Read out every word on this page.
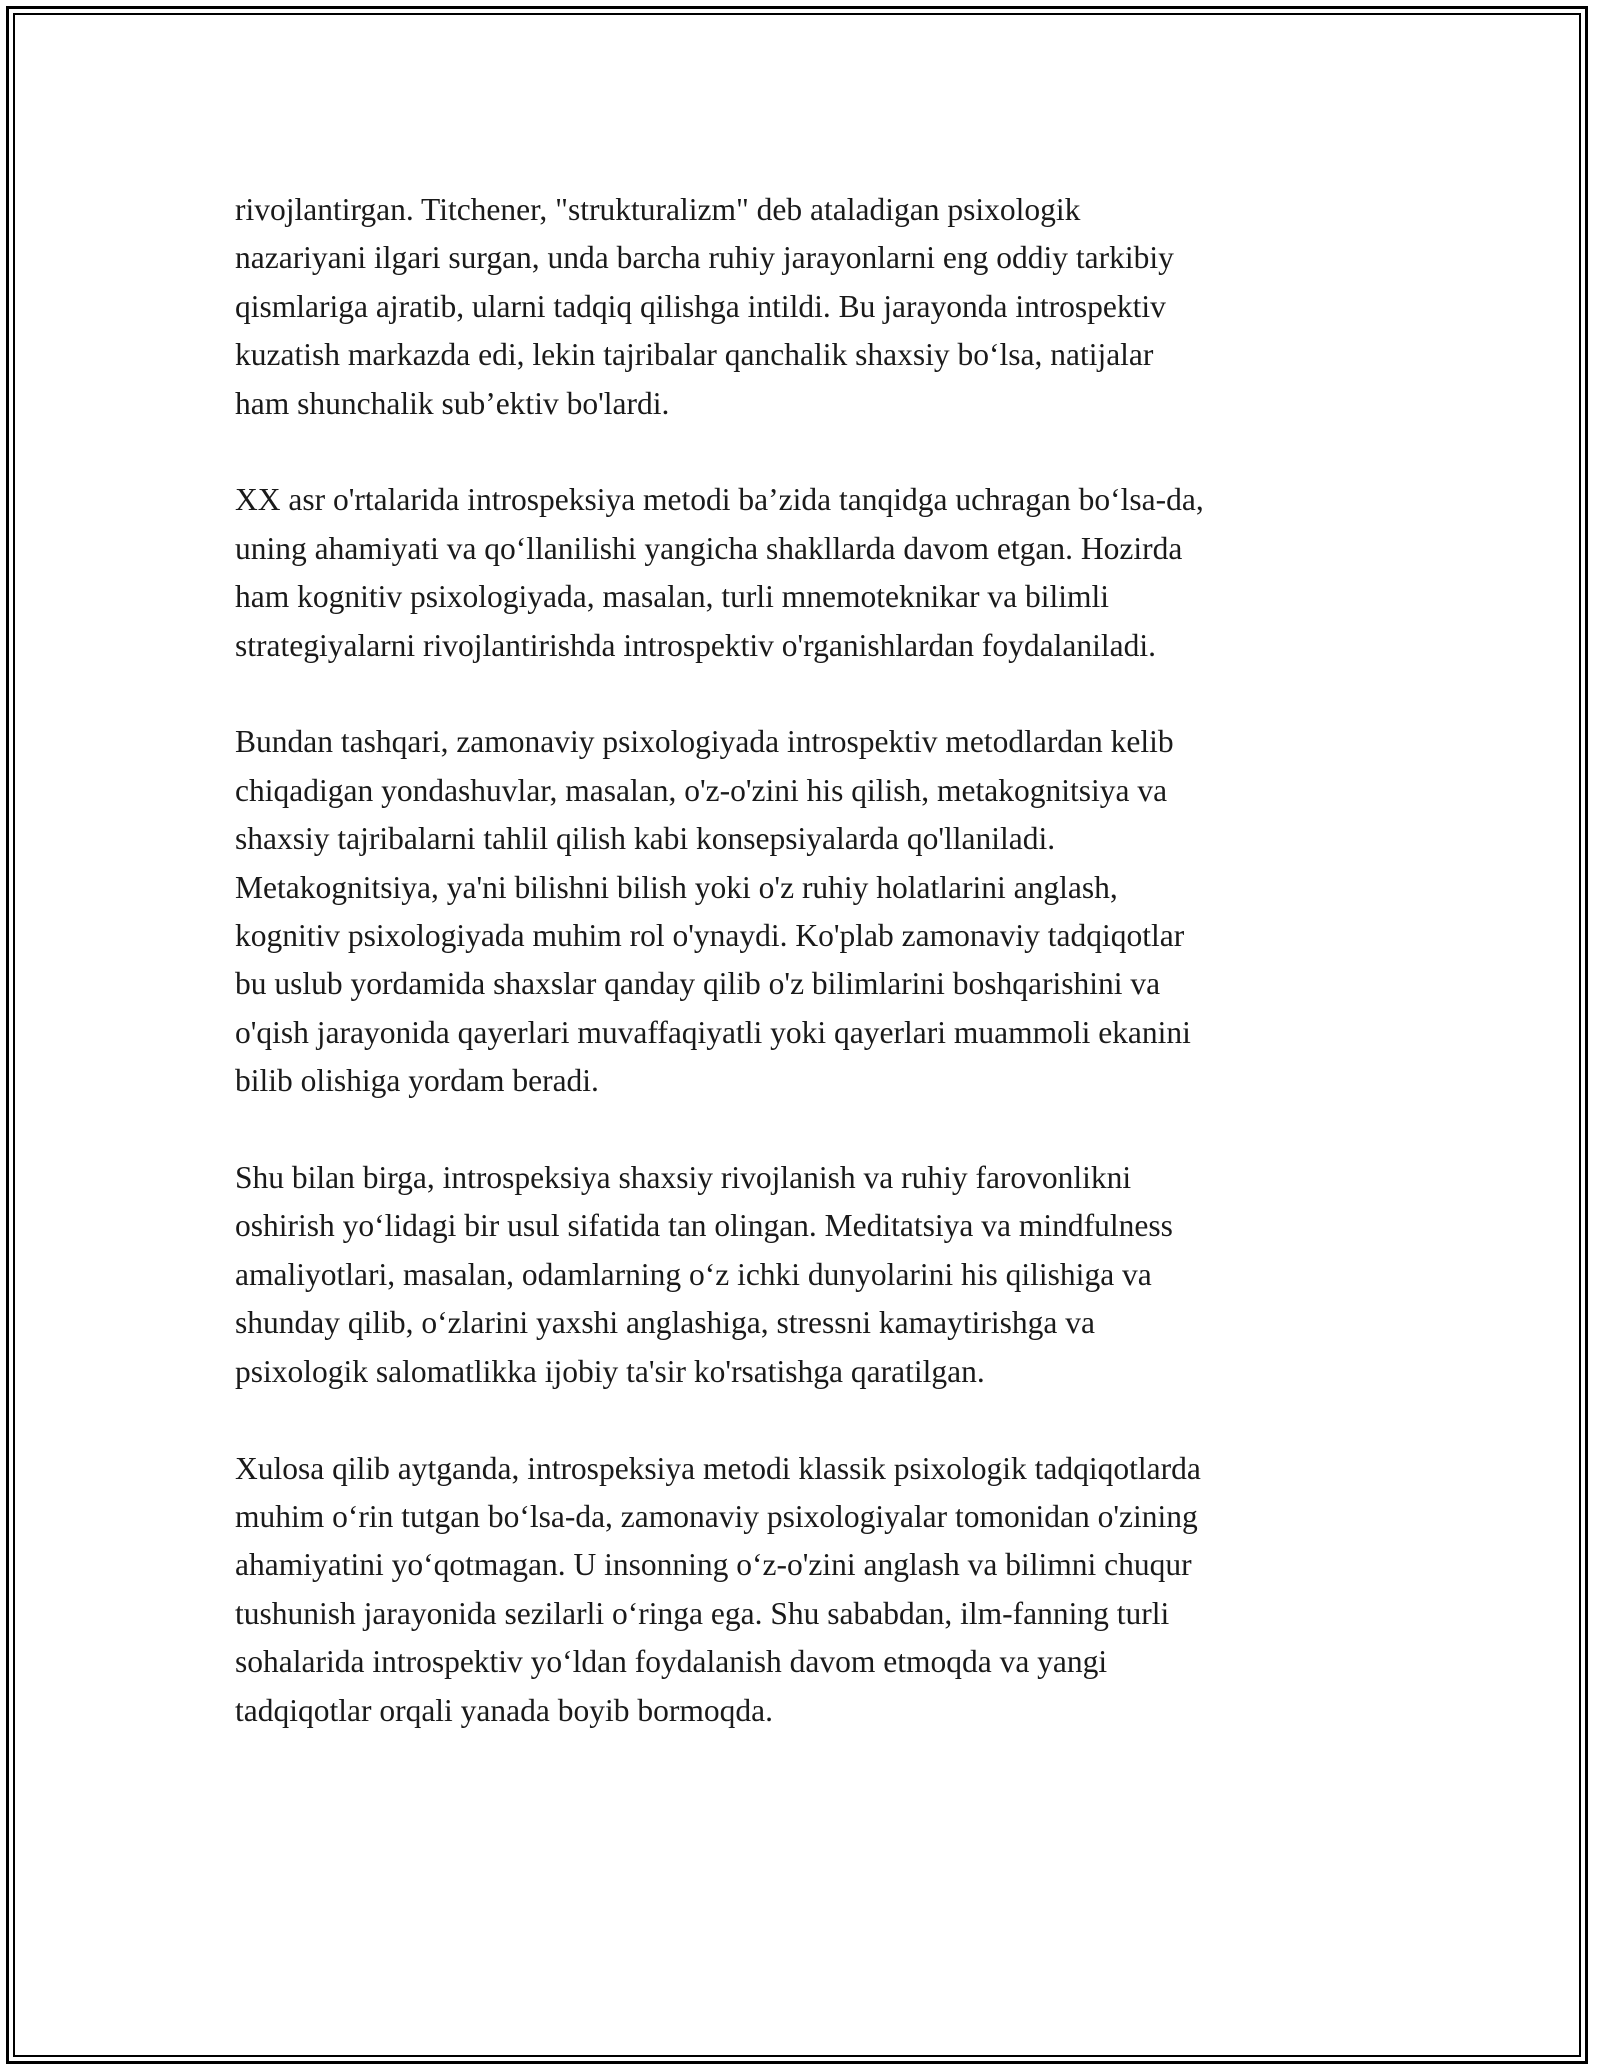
rivojlantirgan. Titchener, "strukturalizm" deb ataladigan psixologik
nazariyani ilgari surgan, unda barcha ruhiy jarayonlarni eng oddiy tarkibiy
qismlariga ajratib, ularni tadqiq qilishga intildi. Bu jarayonda introspektiv
kuzatish markazda edi, lekin tajribalar qanchalik shaxsiy boʻlsa, natijalar
ham shunchalik sub’ektiv bo'lardi.

XX asr o'rtalarida introspeksiya metodi ba’zida tanqidga uchragan boʻlsa-da,
uning ahamiyati va qoʻllanilishi yangicha shakllarda davom etgan. Hozirda
ham kognitiv psixologiyada, masalan, turli mnemoteknikar va bilimli
strategiyalarni rivojlantirishda introspektiv o'rganishlardan foydalaniladi.

Bundan tashqari, zamonaviy psixologiyada introspektiv metodlardan kelib
chiqadigan yondashuvlar, masalan, o'z-o'zini his qilish, metakognitsiya va
shaxsiy tajribalarni tahlil qilish kabi konsepsiyalarda qo'llaniladi.
Metakognitsiya, ya'ni bilishni bilish yoki o'z ruhiy holatlarini anglash,
kognitiv psixologiyada muhim rol o'ynaydi. Ko'plab zamonaviy tadqiqotlar
bu uslub yordamida shaxslar qanday qilib o'z bilimlarini boshqarishini va
o'qish jarayonida qayerlari muvaffaqiyatli yoki qayerlari muammoli ekanini
bilib olishiga yordam beradi.

Shu bilan birga, introspeksiya shaxsiy rivojlanish va ruhiy farovonlikni
oshirish yoʻlidagi bir usul sifatida tan olingan. Meditatsiya va mindfulness
amaliyotlari, masalan, odamlarning oʻz ichki dunyolarini his qilishiga va
shunday qilib, oʻzlarini yaxshi anglashiga, stressni kamaytirishga va
psixologik salomatlikka ijobiy ta'sir ko'rsatishga qaratilgan.

Xulosa qilib aytganda, introspeksiya metodi klassik psixologik tadqiqotlarda
muhim oʻrin tutgan boʻlsa-da, zamonaviy psixologiyalar tomonidan o'zining
ahamiyatini yoʻqotmagan. U insonning oʻz-o'zini anglash va bilimni chuqur
tushunish jarayonida sezilarli oʻringa ega. Shu sababdan, ilm-fanning turli
sohalarida introspektiv yoʻldan foydalanish davom etmoqda va yangi
tadqiqotlar orqali yanada boyib bormoqda.
